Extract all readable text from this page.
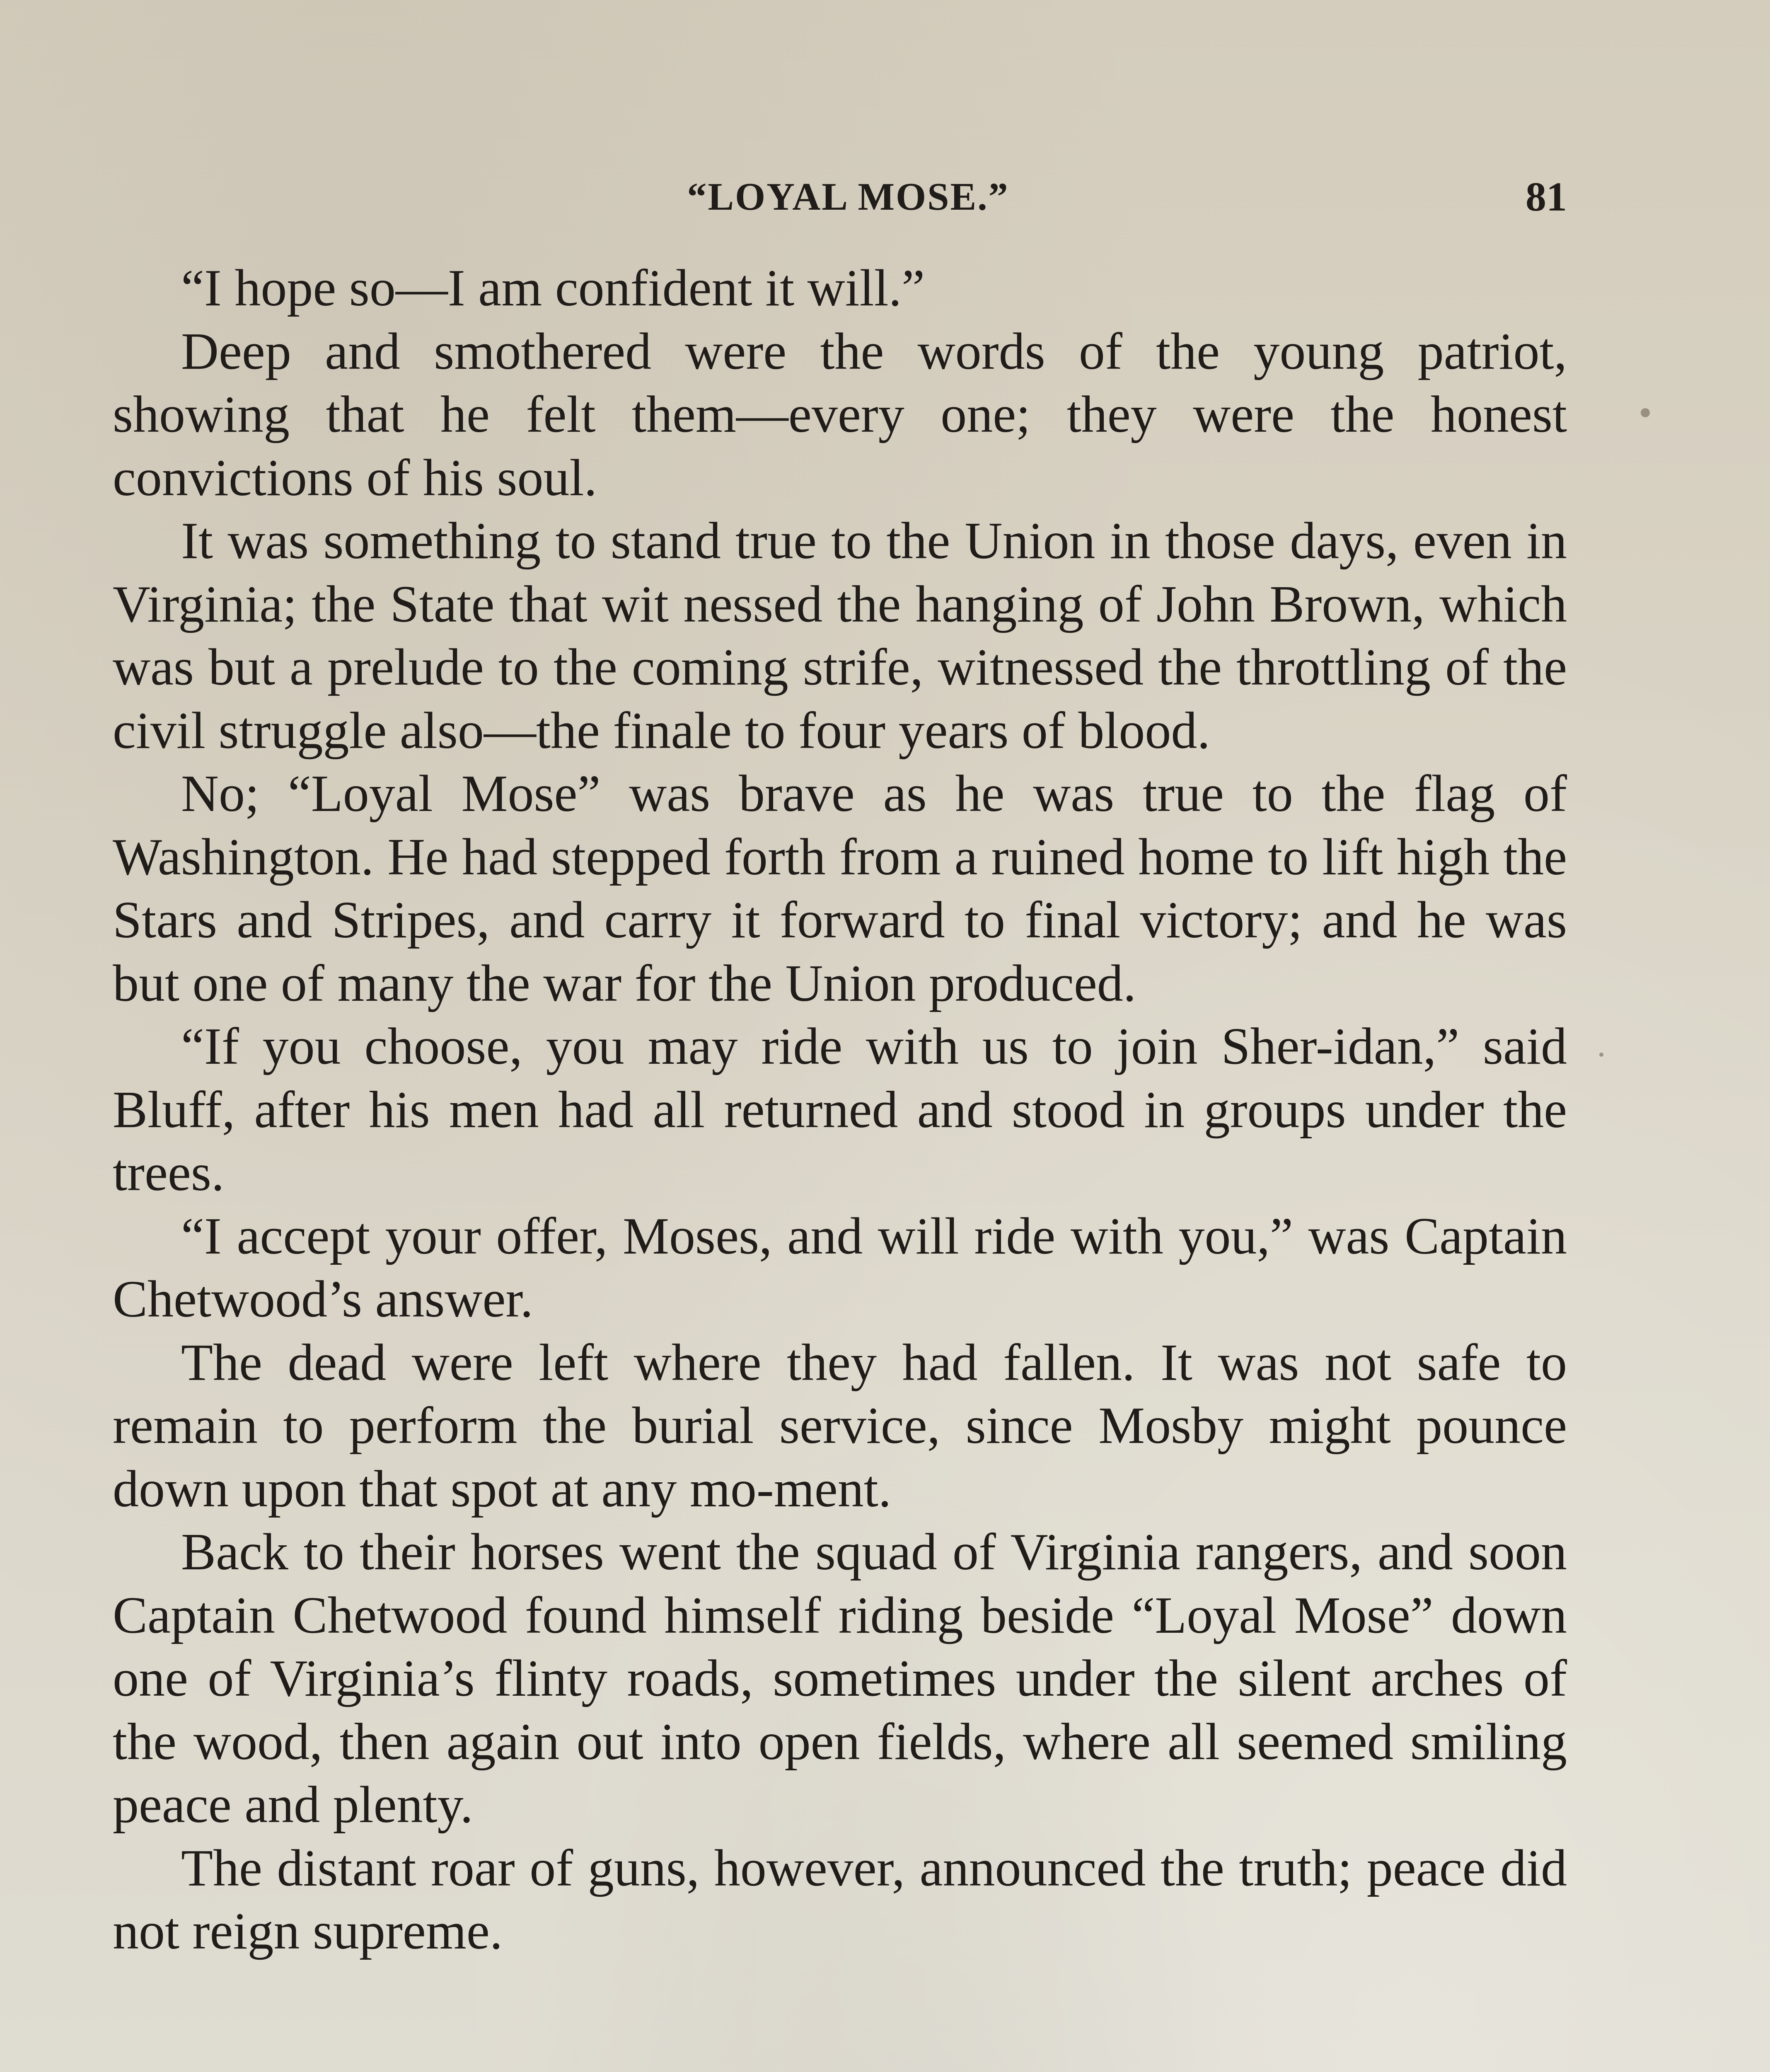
“LOYAL MOSE.”	81

“I hope so—I am confident it will.”

Deep and smothered were the words of the young patriot, showing that he felt them—every one; they were the honest convictions of his soul.

It was something to stand true to the Union in those days, even in Virginia; the State that wit nessed the hanging of John Brown, which was but a prelude to the coming strife, witnessed the throttling of the civil struggle also—the finale to four years of blood.

No; “Loyal Mose” was brave as he was true to the flag of Washington. He had stepped forth from a ruined home to lift high the Stars and Stripes, and carry it forward to final victory; and he was but one of many the war for the Union produced.

“If you choose, you may ride with us to join Sher-idan,” said Bluff, after his men had all returned and stood in groups under the trees.

“I accept your offer, Moses, and will ride with you,” was Captain Chetwood’s answer.

The dead were left where they had fallen. It was not safe to remain to perform the burial service, since Mosby might pounce down upon that spot at any mo-ment.

Back to their horses went the squad of Virginia rangers, and soon Captain Chetwood found himself riding beside “Loyal Mose” down one of Virginia’s flinty roads, sometimes under the silent arches of the wood, then again out into open fields, where all seemed smiling peace and plenty.

The distant roar of guns, however, announced the truth; peace did not reign supreme.
